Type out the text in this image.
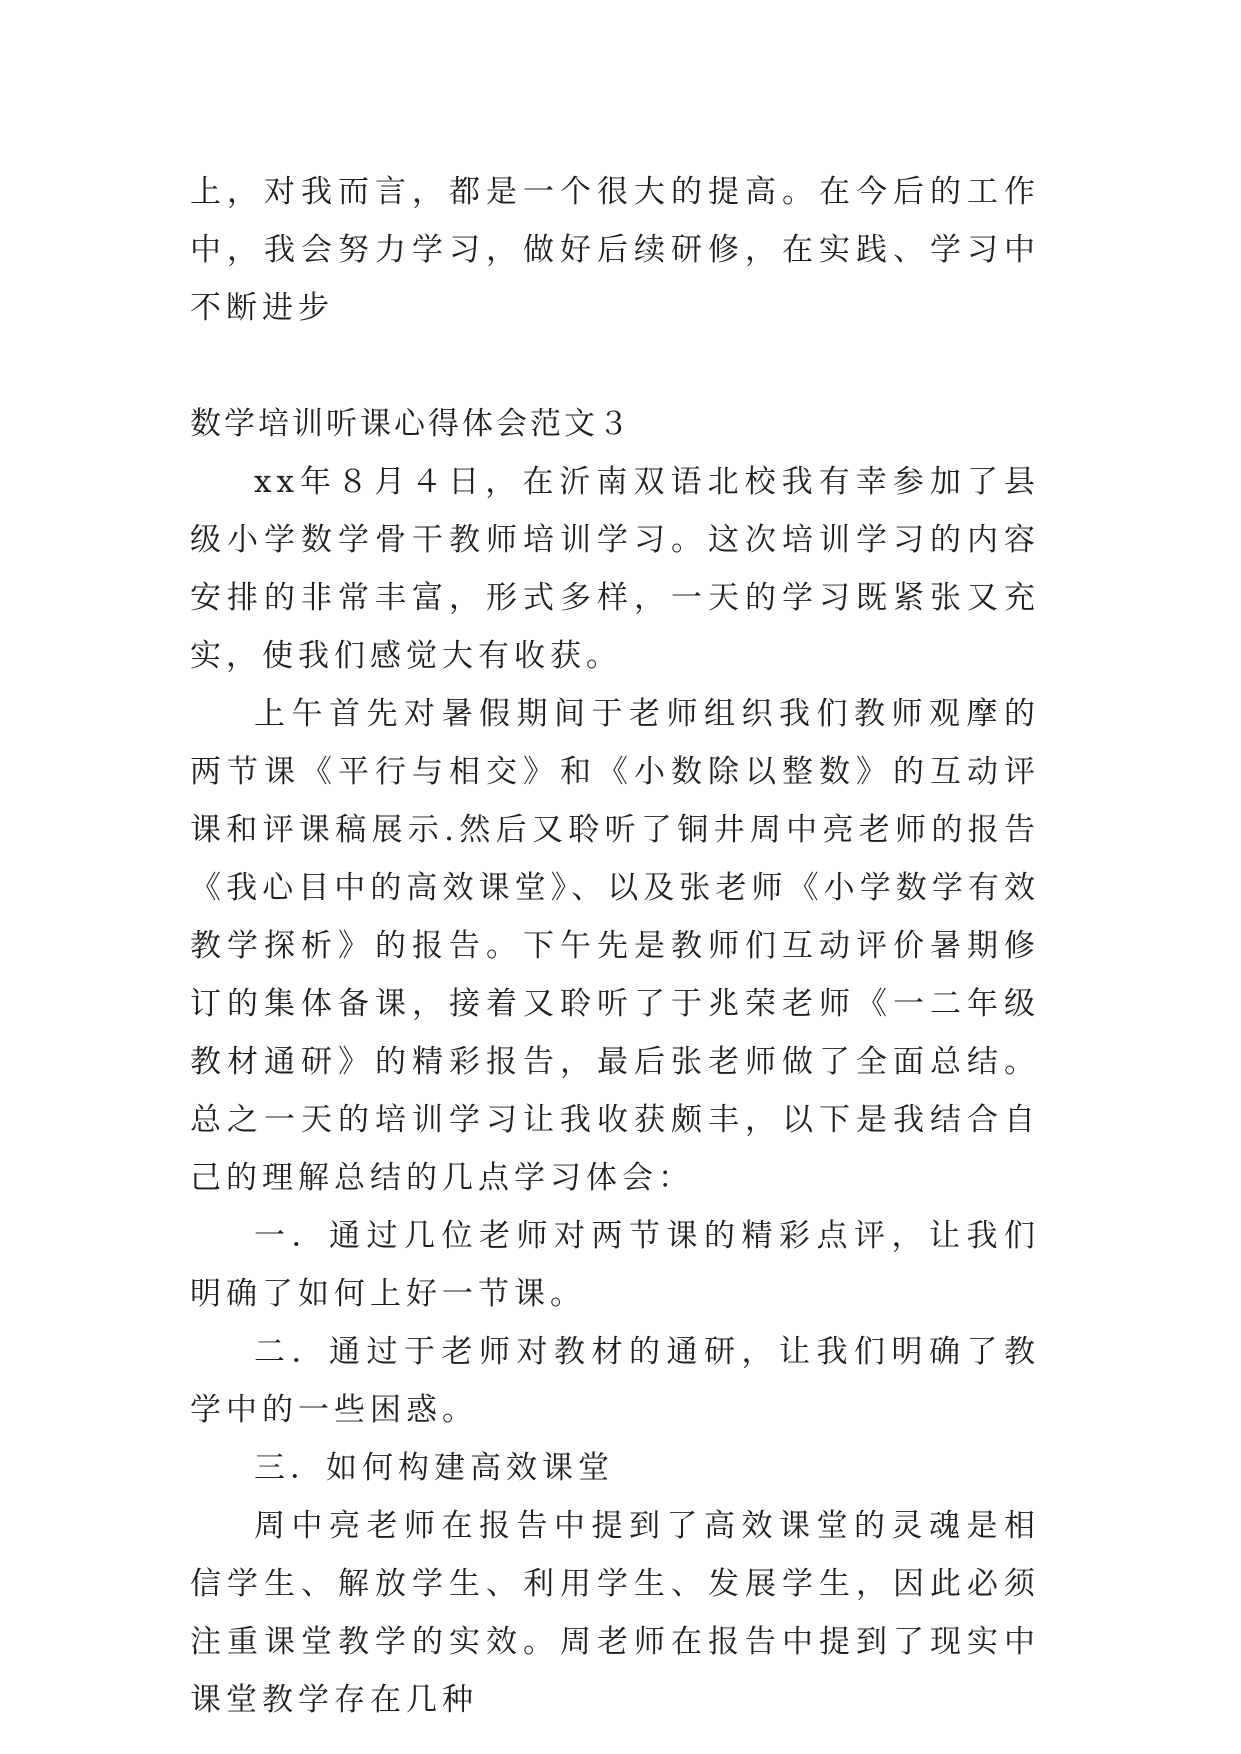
上，对我而言，都是一个很大的提高。在今后的工作中，我会努力学习，做好后续研修，在实践、学习中不断进步

数学培训听课心得体会范文３

xx年８月４日，在沂南双语北校我有幸参加了县级小学数学骨干教师培训学习。这次培训学习的内容安排的非常丰富，形式多样，一天的学习既紧张又充实，使我们感觉大有收获。

上午首先对暑假期间于老师组织我们教师观摩的两节课《平行与相交》和《小数除以整数》的互动评课和评课稿展示.然后又聆听了铜井周中亮老师的报告《我心目中的高效课堂》、以及张老师《小学数学有效教学探析》的报告。下午先是教师们互动评价暑期修订的集体备课，接着又聆听了于兆荣老师《一二年级教材通研》的精彩报告，最后张老师做了全面总结。总之一天的培训学习让我收获颇丰，以下是我结合自己的理解总结的几点学习体会：

一．通过几位老师对两节课的精彩点评，让我们明确了如何上好一节课。

二．通过于老师对教材的通研，让我们明确了教学中的一些困惑。

三．如何构建高效课堂

周中亮老师在报告中提到了高效课堂的灵魂是相信学生、解放学生、利用学生、发展学生，因此必须注重课堂教学的实效。周老师在报告中提到了现实中课堂教学存在几种
